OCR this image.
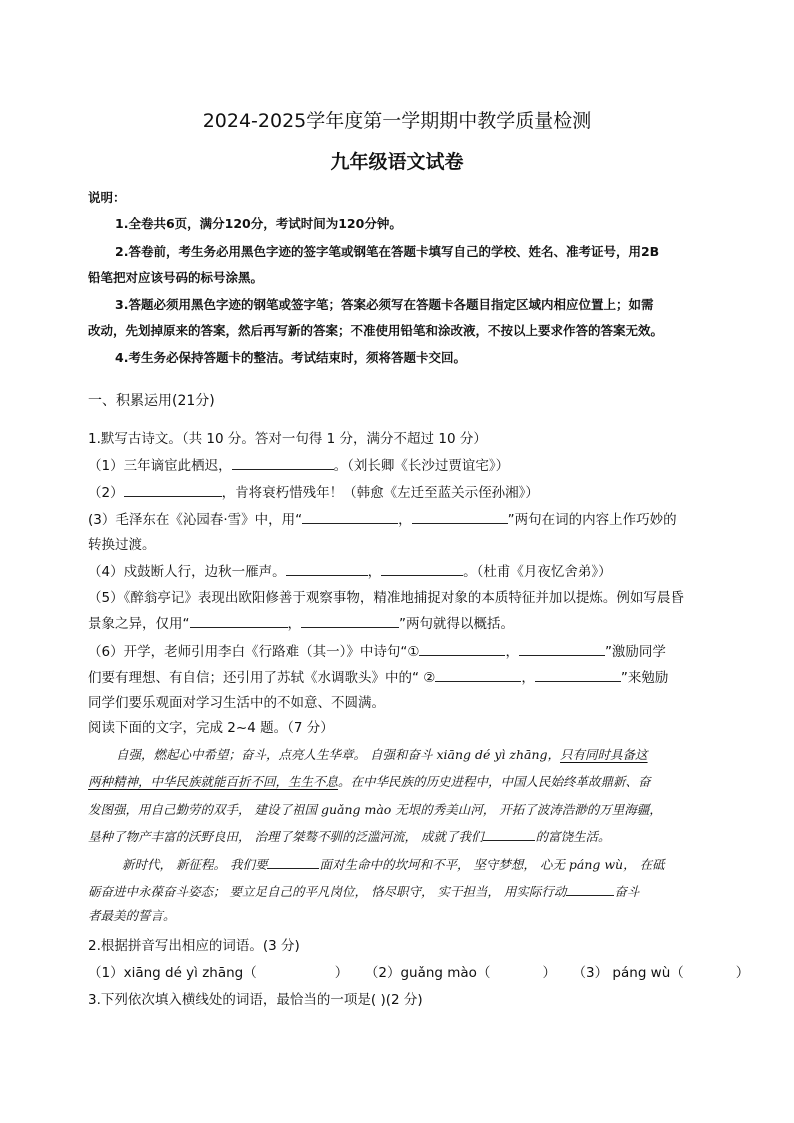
2024-2025学年度第一学期期中教学质量检测
九年级语文试卷
说明：
1.全卷共6页，满分120分，考试时间为120分钟。
2.答卷前，考生务必用黑色字迹的签字笔或钢笔在答题卡填写自己的学校、姓名、准考证号，用2B
铅笔把对应该号码的标号涂黑。
3.答题必须用黑色字迹的钢笔或签字笔；答案必须写在答题卡各题目指定区域内相应位置上；如需
改动，先划掉原来的答案，然后再写新的答案；不准使用铅笔和涂改液，不按以上要求作答的答案无效。
4.考生务必保持答题卡的整洁。考试结束时，须将答题卡交回。
一、积累运用(21分)
1.默写古诗文。（共 10 分。答对一句得 1 分，满分不超过 10 分）
（1）三年谪宦此栖迟，	。（刘长卿《长沙过贾谊宅》）
（2）	，肯将衰朽惜残年！（韩愈《左迁至蓝关示侄孙湘》）
(3）毛泽东在《沁园春·雪》中，用“	，	”两句在词的内容上作巧妙的
转换过渡。
（4）戍鼓断人行，边秋一雁声。	，	。（杜甫《月夜忆舍弟》）
（5）《醉翁亭记》表现出欧阳修善于观察事物，精准地捕捉对象的本质特征并加以提炼。例如写晨昏
景象之异，仅用“	，	”两句就得以概括。
（6）开学，老师引用李白《行路难（其一）》中诗句“①	，	”激励同学
们要有理想、有自信；还引用了苏轼《水调歌头》中的“ ②	，	”来勉励
同学们要乐观面对学习生活中的不如意、不圆满。
阅读下面的文字，完成 2~4 题。（7 分）
自强，燃起心中希望；奋斗，点亮人生华章。 自强和奋斗 xiāng dé yì zhāng，只有同时具备这
两种精神，中华民族就能百折不回，生生不息。在中华民族的历史进程中，中国人民始终革故鼎新、奋
发图强，用自己勤劳的双手， 建设了祖国 guǎng mào 无垠的秀美山河， 开拓了波涛浩渺的万里海疆，
垦种了物产丰富的沃野良田， 治理了桀骜不驯的泛滥河流， 成就了我们	的富饶生活。
新时代， 新征程。 我们要	面对生命中的坎坷和不平， 坚守梦想， 心无 páng wù， 在砥
砺奋进中永葆奋斗姿态； 要立足自己的平凡岗位， 恪尽职守， 实干担当， 用实际行动	奋斗
者最美的誓言。
2.根据拼音写出相应的词语。(3 分)
（1）xiāng dé yì zhāng（	） （2）guǎng mào（	） （3） páng wù（	）
3.下列依次填入横线处的词语，最恰当的一项是( )(2 分)
